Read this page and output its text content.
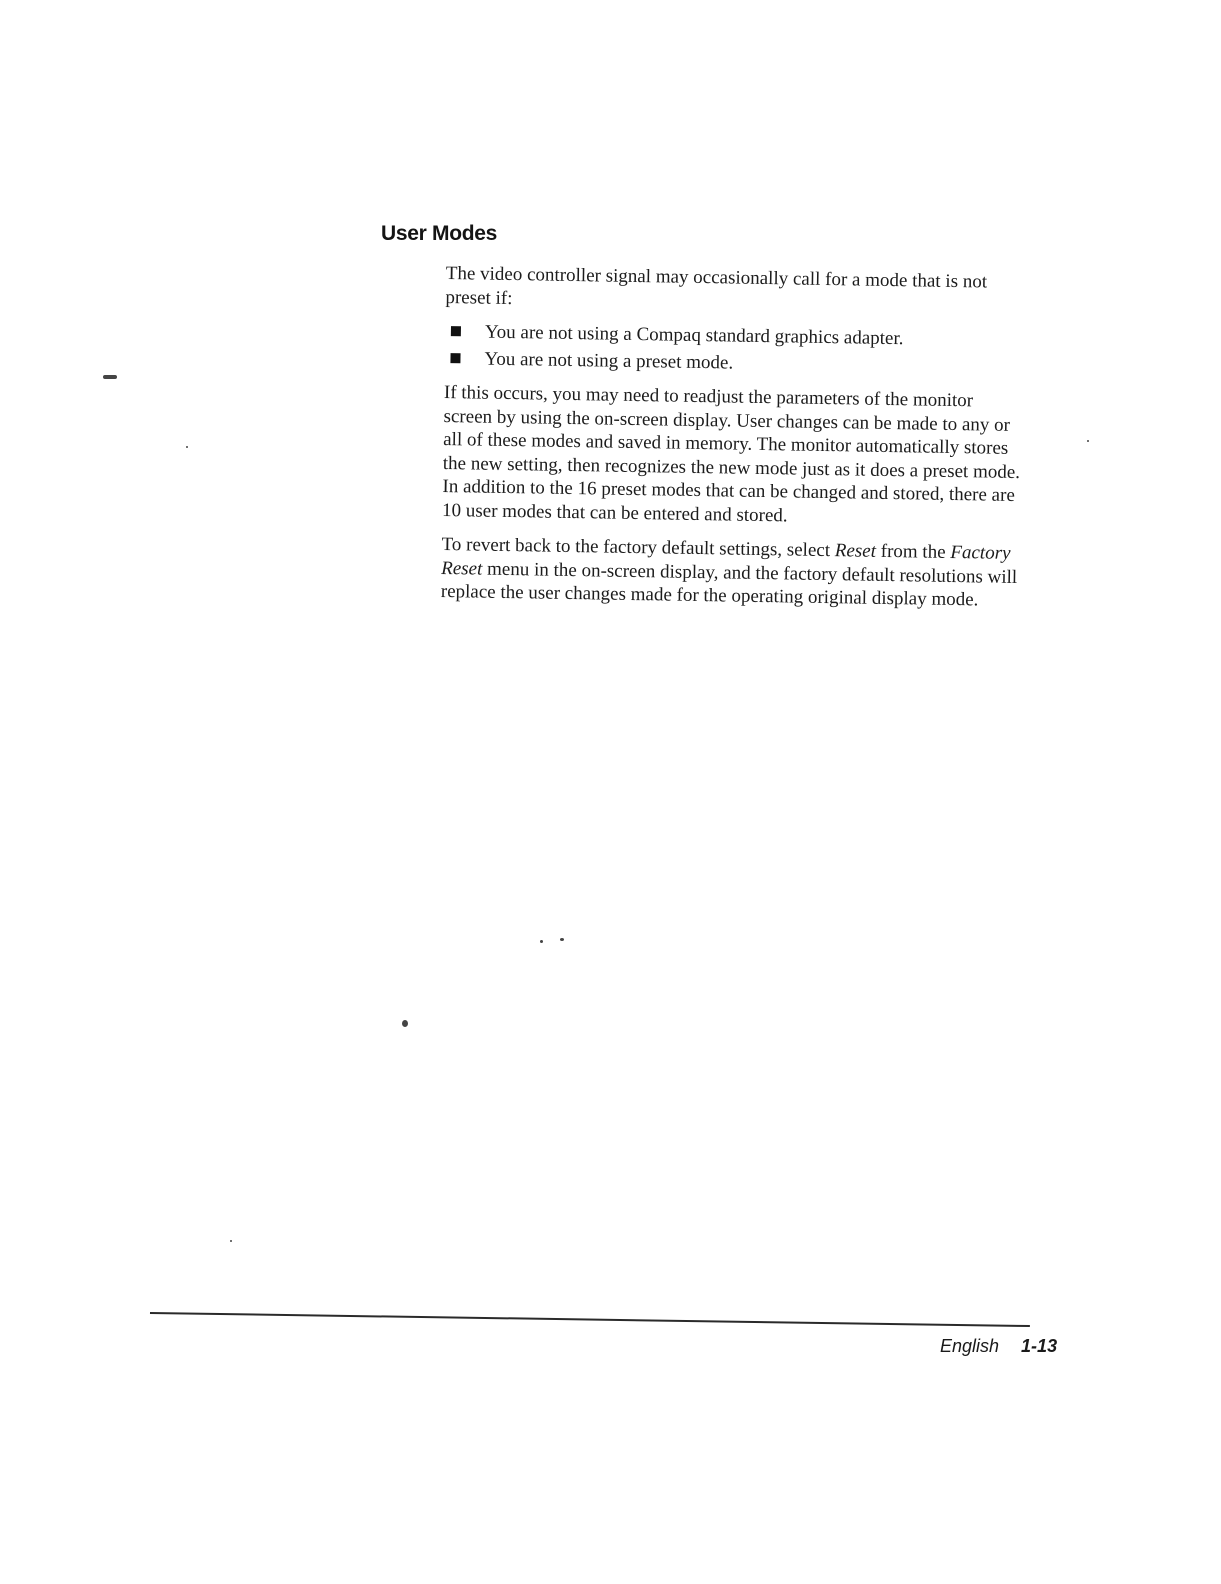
User Modes

The video controller signal may occasionally call for a mode that is not preset if:

You are not using a Compaq standard graphics adapter.
You are not using a preset mode.

If this occurs, you may need to readjust the parameters of the monitor screen by using the on-screen display. User changes can be made to any or all of these modes and saved in memory. The monitor automatically stores the new setting, then recognizes the new mode just as it does a preset mode. In addition to the 16 preset modes that can be changed and stored, there are 10 user modes that can be entered and stored.

To revert back to the factory default settings, select Reset from the Factory Reset menu in the on-screen display, and the factory default resolutions will replace the user changes made for the operating original display mode.

English 1-13
